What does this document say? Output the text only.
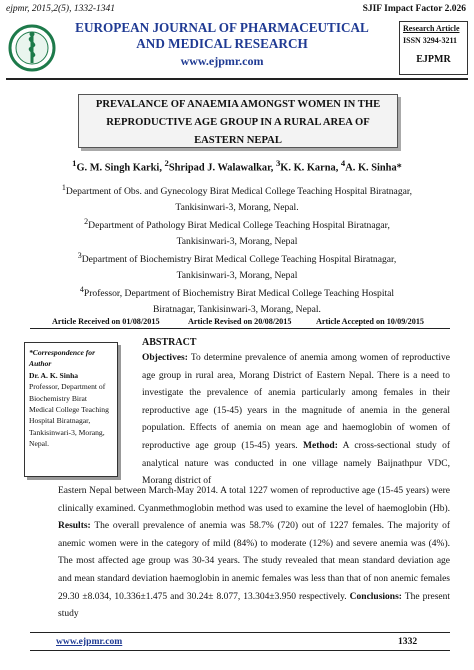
ejpmr, 2015,2(5), 1332-1341	SJIF Impact Factor 2.026
EUROPEAN JOURNAL OF PHARMACEUTICAL
AND MEDICAL RESEARCH
www.ejpmr.com
Research Article
ISSN 3294-3211
EJPMR
PREVALANCE OF ANAEMIA AMONGST WOMEN IN THE
REPRODUCTIVE AGE GROUP IN A RURAL AREA OF
EASTERN NEPAL
$^1$G. M. Singh Karki, $^2$Shripad J. Walawalkar, $^3$K. K. Karna, $^4$A. K. Sinha*
$^1$Department of Obs. and Gynecology Birat Medical College Teaching Hospital Biratnagar,
Tankisinwari-3, Morang, Nepal.
$^2$Department of Pathology Birat Medical College Teaching Hospital Biratnagar,
Tankisinwari-3, Morang, Nepal
$^3$Department of Biochemistry Birat Medical College Teaching Hospital Biratnagar,
Tankisinwari-3, Morang, Nepal
$^4$Professor, Department of Biochemistry Birat Medical College Teaching Hospital
Biratnagar, Tankisinwari-3, Morang, Nepal.
Article Received on 01/08/2015	Article Revised on 20/08/2015	Article Accepted on 10/09/2015
*Correspondence for Author
Dr. A. K. Sinha
Professor, Department of
Biochemistry Birat
Medical College Teaching
Hospital Biratnagar,
Tankisinwari-3, Morang,
Nepal.
ABSTRACT
Objectives: To determine prevalence of anemia among women of reproductive age group in rural area, Morang District of Eastern Nepal. There is a need to investigate the prevalence of anemia particularly among females in their reproductive age (15-45) years in the magnitude of anemia in the general population. Effects of anemia on mean age and haemoglobin of women of reproductive age group (15-45) years. Method: A cross-sectional study of analytical nature was conducted in one village namely Baijnathpur VDC, Morang district of
Eastern Nepal between March-May 2014. A total 1227 women of reproductive age (15-45 years) were clinically examined. Cyanmethmoglobin method was used to examine the level of haemoglobin (Hb). Results: The overall prevalence of anemia was 58.7% (720) out of 1227 females. The majority of anemic women were in the category of mild (84%) to moderate (12%) and severe anemia was (4%). The most affected age group was 30-34 years. The study revealed that mean standard deviation age and mean standard deviation haemoglobin in anemic females was less than that of non anemic females 29.30 ±8.034, 10.336±1.475 and 30.24± 8.077, 13.304±3.950 respectively. Conclusions: The present study
www.ejpmr.com	1332
